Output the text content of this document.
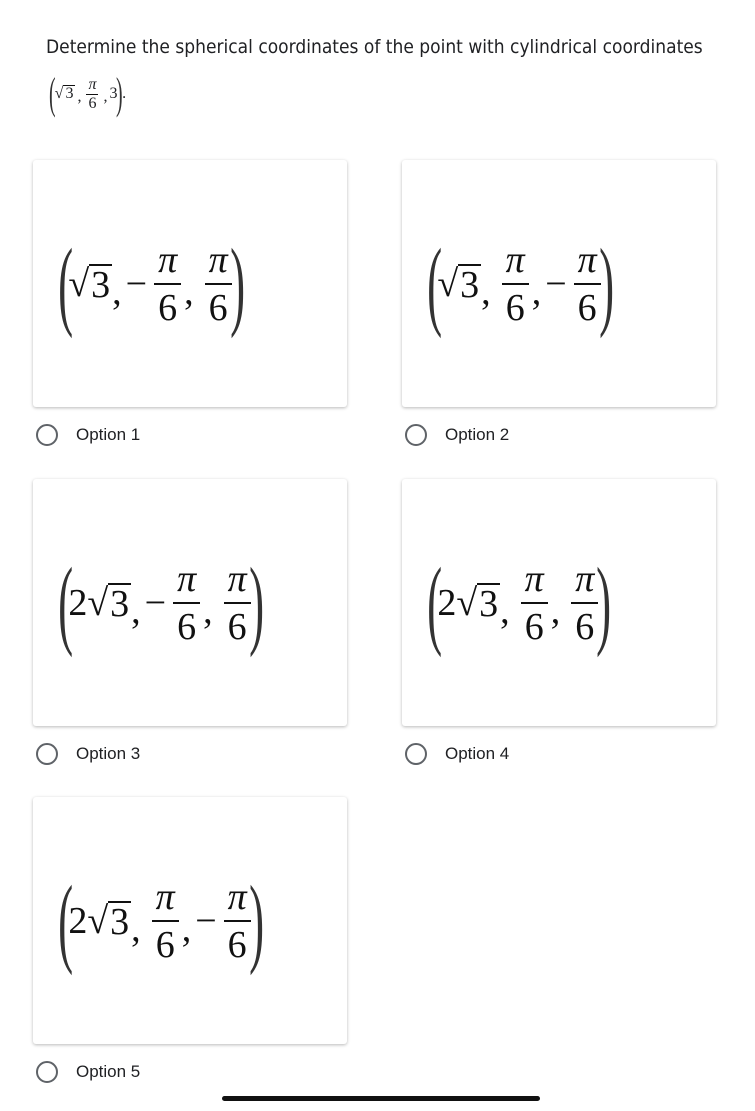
Determine the spherical coordinates of the point with cylindrical coordinates
( √ 3 , $\frac{\pi}{6}$ , 3 ) .
(
√ 3 , − $\frac{\pi}{6}$ , $\frac{\pi}{6}$
)
Option 1
(
√ 3 , $\frac{\pi}{6}$ , − $\frac{\pi}{6}$
)
Option 2
(
2 √ 3 , − $\frac{\pi}{6}$ , $\frac{\pi}{6}$
)
Option 3
(
2 √ 3 , $\frac{\pi}{6}$ , $\frac{\pi}{6}$
)
Option 4
(
2 √ 3 , $\frac{\pi}{6}$ , − $\frac{\pi}{6}$
)
Option 5
